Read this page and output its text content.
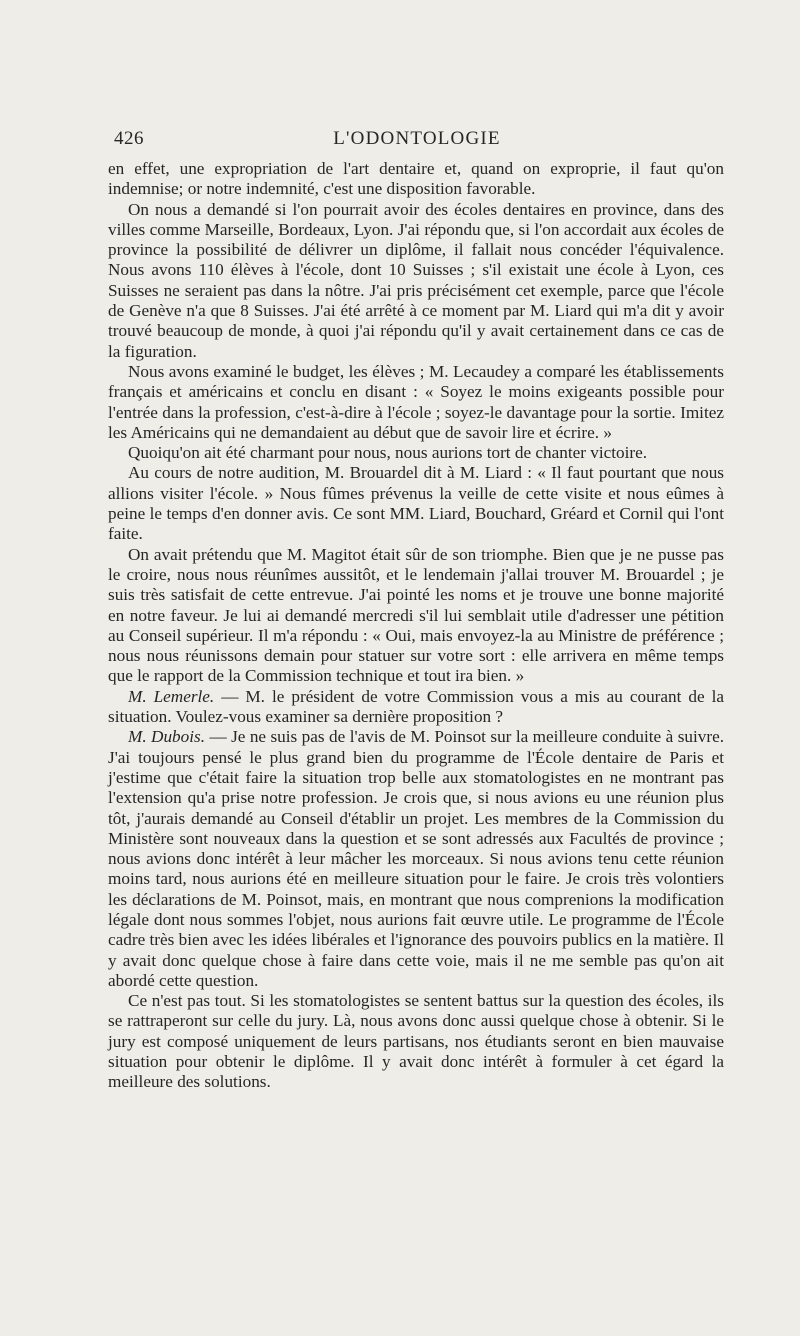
426	L'ODONTOLOGIE

en effet, une expropriation de l'art dentaire et, quand on exproprie, il faut qu'on indemnise; or notre indemnité, c'est une disposition favorable.

On nous a demandé si l'on pourrait avoir des écoles dentaires en province, dans des villes comme Marseille, Bordeaux, Lyon. J'ai répondu que, si l'on accordait aux écoles de province la possibilité de délivrer un diplôme, il fallait nous concéder l'équivalence. Nous avons 110 élèves à l'école, dont 10 Suisses ; s'il existait une école à Lyon, ces Suisses ne seraient pas dans la nôtre. J'ai pris précisément cet exemple, parce que l'école de Genève n'a que 8 Suisses. J'ai été arrêté à ce moment par M. Liard qui m'a dit y avoir trouvé beaucoup de monde, à quoi j'ai répondu qu'il y avait certainement dans ce cas de la figuration.

Nous avons examiné le budget, les élèves ; M. Lecaudey a comparé les établissements français et américains et conclu en disant : « Soyez le moins exigeants possible pour l'entrée dans la profession, c'est-à-dire à l'école ; soyez-le davantage pour la sortie. Imitez les Américains qui ne demandaient au début que de savoir lire et écrire. »

Quoiqu'on ait été charmant pour nous, nous aurions tort de chanter victoire.

Au cours de notre audition, M. Brouardel dit à M. Liard : « Il faut pourtant que nous allions visiter l'école. » Nous fûmes prévenus la veille de cette visite et nous eûmes à peine le temps d'en donner avis. Ce sont MM. Liard, Bouchard, Gréard et Cornil qui l'ont faite.

On avait prétendu que M. Magitot était sûr de son triomphe. Bien que je ne pusse pas le croire, nous nous réunîmes aussitôt, et le lendemain j'allai trouver M. Brouardel ; je suis très satisfait de cette entrevue. J'ai pointé les noms et je trouve une bonne majorité en notre faveur. Je lui ai demandé mercredi s'il lui semblait utile d'adresser une pétition au Conseil supérieur. Il m'a répondu : « Oui, mais envoyez-la au Ministre de préférence ; nous nous réunissons demain pour statuer sur votre sort : elle arrivera en même temps que le rapport de la Commission technique et tout ira bien. »

M. Lemerle. — M. le président de votre Commission vous a mis au courant de la situation. Voulez-vous examiner sa dernière proposition ?

M. Dubois. — Je ne suis pas de l'avis de M. Poinsot sur la meilleure conduite à suivre. J'ai toujours pensé le plus grand bien du programme de l'École dentaire de Paris et j'estime que c'était faire la situation trop belle aux stomatologistes en ne montrant pas l'extension qu'a prise notre profession. Je crois que, si nous avions eu une réunion plus tôt, j'aurais demandé au Conseil d'établir un projet. Les membres de la Commission du Ministère sont nouveaux dans la question et se sont adressés aux Facultés de province ; nous avions donc intérêt à leur mâcher les morceaux. Si nous avions tenu cette réunion moins tard, nous aurions été en meilleure situation pour le faire. Je crois très volontiers les déclarations de M. Poinsot, mais, en montrant que nous comprenions la modification légale dont nous sommes l'objet, nous aurions fait œuvre utile. Le programme de l'École cadre très bien avec les idées libérales et l'ignorance des pouvoirs publics en la matière. Il y avait donc quelque chose à faire dans cette voie, mais il ne me semble pas qu'on ait abordé cette question.

Ce n'est pas tout. Si les stomatologistes se sentent battus sur la question des écoles, ils se rattraperont sur celle du jury. Là, nous avons donc aussi quelque chose à obtenir. Si le jury est composé uniquement de leurs partisans, nos étudiants seront en bien mauvaise situation pour obtenir le diplôme. Il y avait donc intérêt à formuler à cet égard la meilleure des solutions.
